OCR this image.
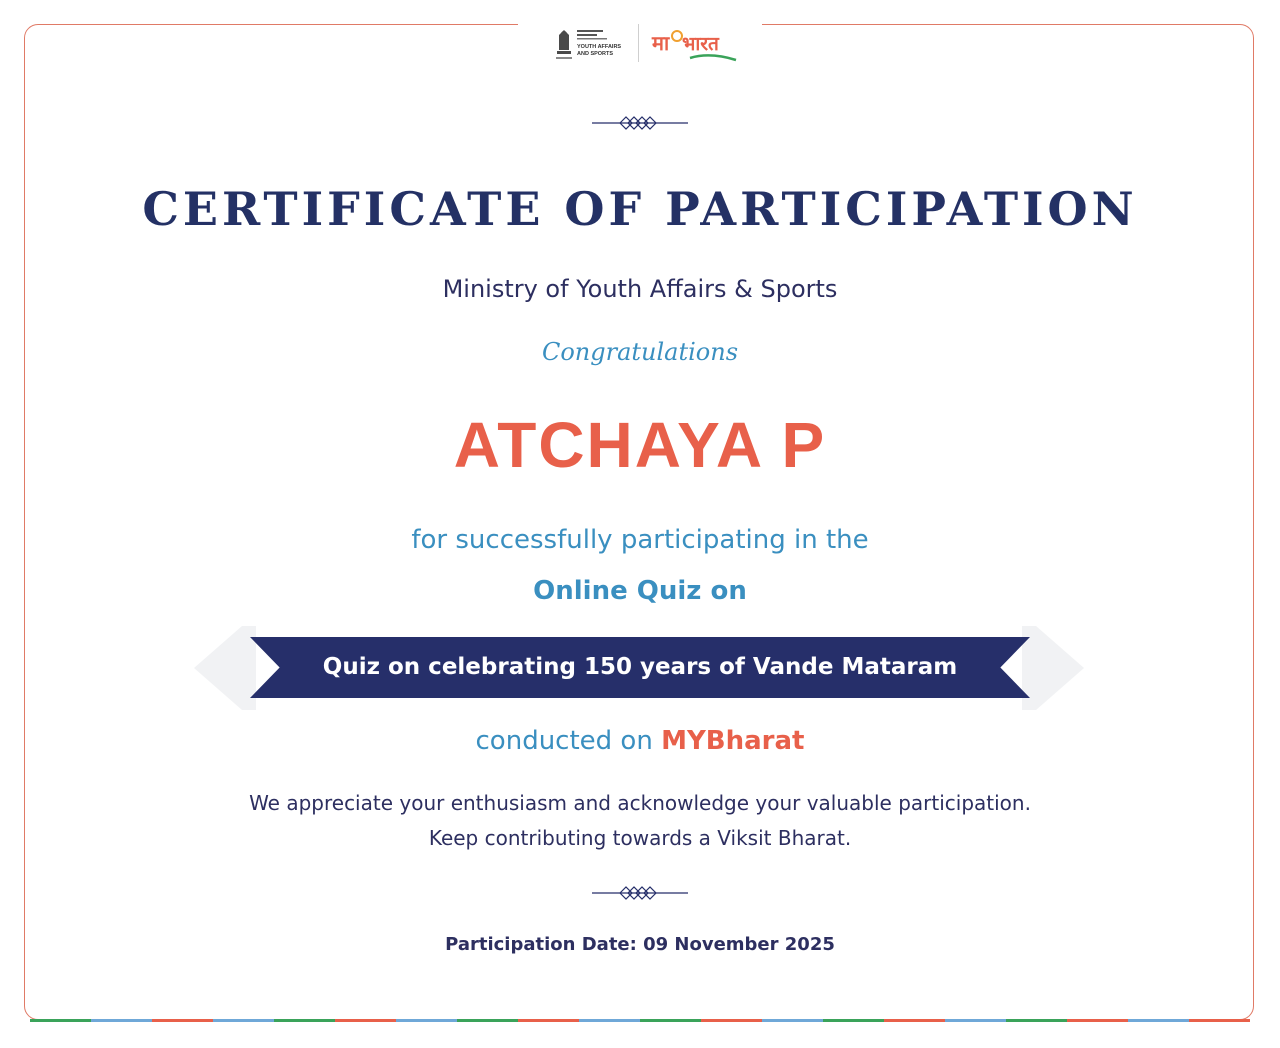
YOUTH AFFAIRS
AND SPORTS मा भारत
CERTIFICATE OF PARTICIPATION
Ministry of Youth Affairs & Sports
Congratulations
ATCHAYA P
for successfully participating in the
Online Quiz on
Quiz on celebrating 150 years of Vande Mataram
conducted on MYBharat
We appreciate your enthusiasm and acknowledge your valuable participation.
Keep contributing towards a Viksit Bharat.
Participation Date: 09 November 2025
